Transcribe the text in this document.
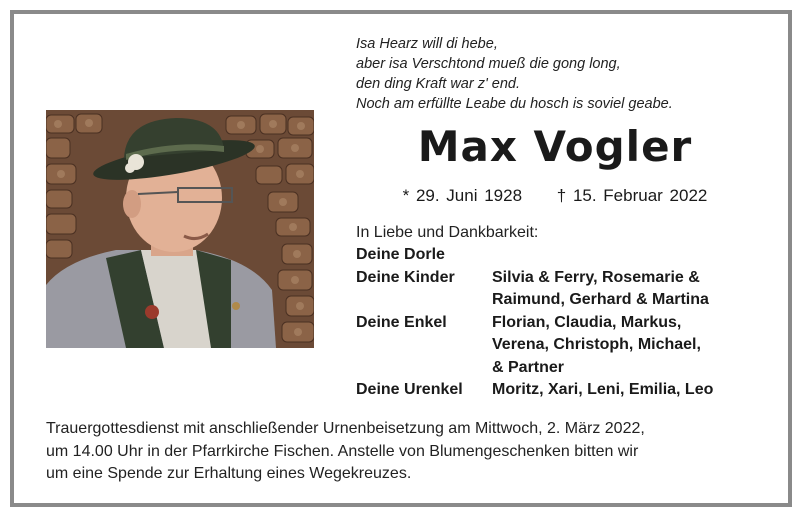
Isa Hearz will di hebe,
aber isa Verschtond mueß die gong long,
den ding Kraft war z' end.
Noch am erfüllte Leabe du hosch is soviel geabe.
Max Vogler
* 29. Juni 1928 † 15. Februar 2022
In Liebe und Dankbarkeit:
Deine Dorle	
Deine Kinder	Silvia & Ferry, Rosemarie &
Raimund, Gerhard & Martina

Deine Enkel	Florian, Claudia, Markus,
Verena, Christoph, Michael,
& Partner

Deine Urenkel	Moritz, Xari, Leni, Emilia, Leo
Trauergottesdienst mit anschließender Urnenbeisetzung am Mittwoch, 2. März 2022,
um 14.00 Uhr in der Pfarrkirche Fischen. Anstelle von Blumengeschenken bitten wir
um eine Spende zur Erhaltung eines Wegekreuzes.
